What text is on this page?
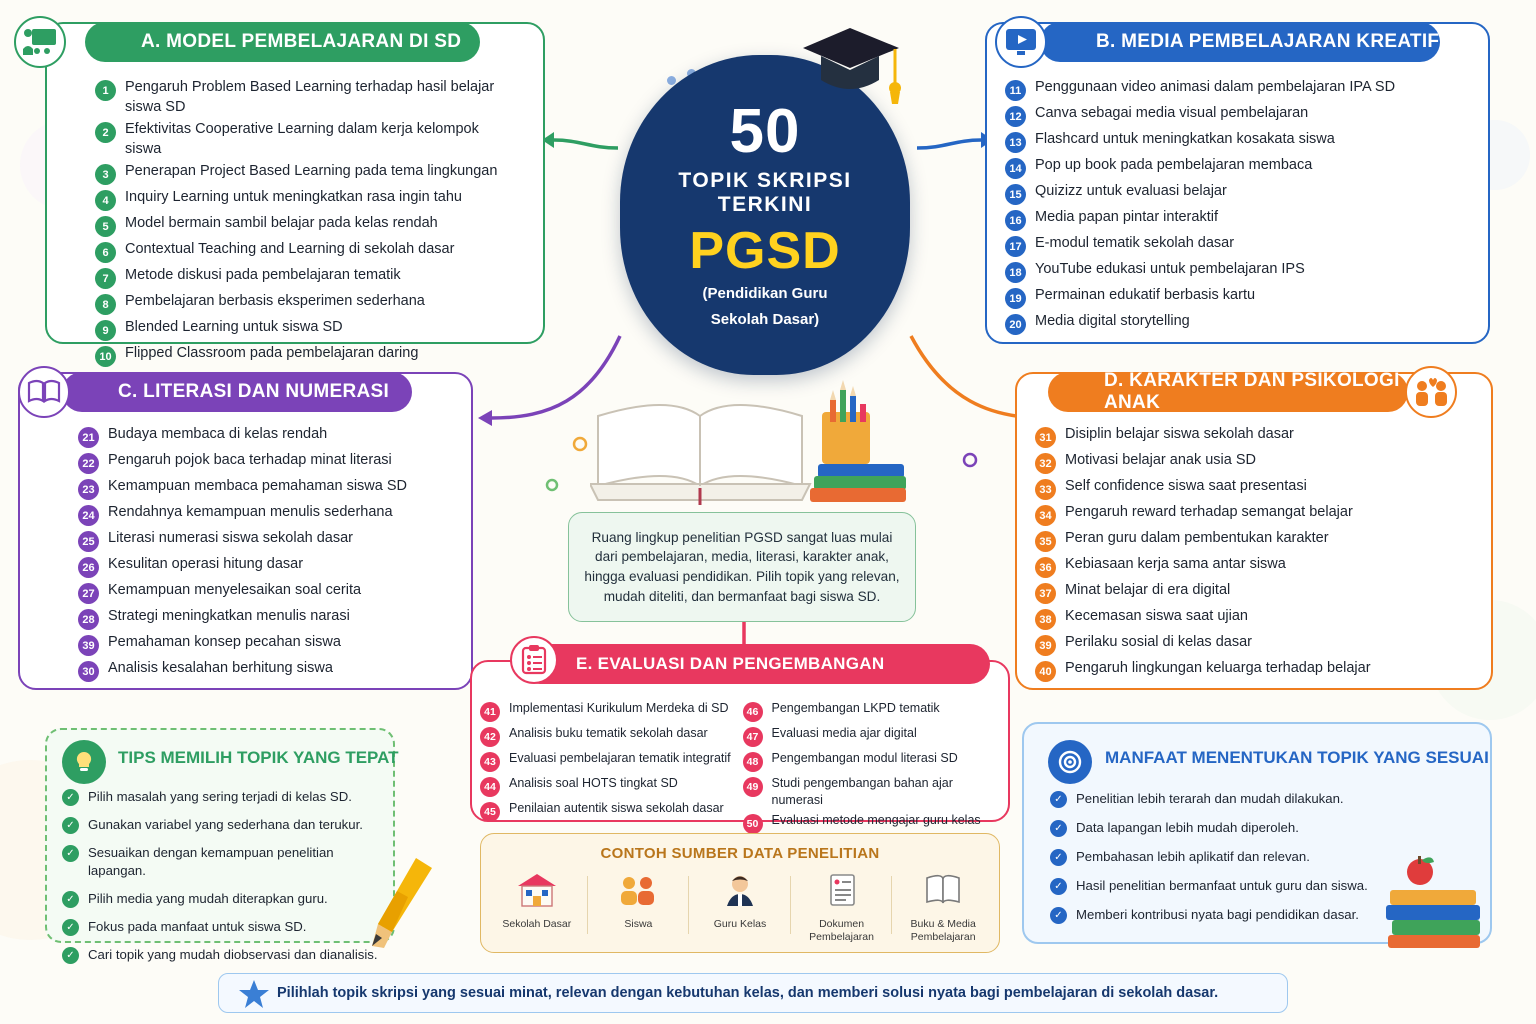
50
TOPIK SKRIPSI
TERKINI
PGSD
(Pendidikan Guru
Sekolah Dasar)
A. MODEL PEMBELAJARAN DI SD
1	Pengaruh Problem Based Learning terhadap hasil belajar siswa SD
2	Efektivitas Cooperative Learning dalam kerja kelompok siswa
3	Penerapan Project Based Learning pada tema lingkungan
4	Inquiry Learning untuk meningkatkan rasa ingin tahu
5	Model bermain sambil belajar pada kelas rendah
6	Contextual Teaching and Learning di sekolah dasar
7	Metode diskusi pada pembelajaran tematik
8	Pembelajaran berbasis eksperimen sederhana
9	Blended Learning untuk siswa SD
10 Flipped Classroom pada pembelajaran daring
B. MEDIA PEMBELAJARAN KREATIF
11 Penggunaan video animasi dalam pembelajaran IPA SD
12 Canva sebagai media visual pembelajaran
13 Flashcard untuk meningkatkan kosakata siswa
14 Pop up book pada pembelajaran membaca
15 Quizizz untuk evaluasi belajar
16 Media papan pintar interaktif
17 E-modul tematik sekolah dasar
18 YouTube edukasi untuk pembelajaran IPS
19 Permainan edukatif berbasis kartu
20 Media digital storytelling
C. LITERASI DAN NUMERASI
21 Budaya membaca di kelas rendah
22 Pengaruh pojok baca terhadap minat literasi
23 Kemampuan membaca pemahaman siswa SD
24 Rendahnya kemampuan menulis sederhana
25 Literasi numerasi siswa sekolah dasar
26 Kesulitan operasi hitung dasar
27 Kemampuan menyelesaikan soal cerita
28 Strategi meningkatkan menulis narasi
39 Pemahaman konsep pecahan siswa
30 Analisis kesalahan berhitung siswa
D. KARAKTER DAN PSIKOLOGI ANAK
31 Disiplin belajar siswa sekolah dasar
32 Motivasi belajar anak usia SD
33 Self confidence siswa saat presentasi
34 Pengaruh reward terhadap semangat belajar
35 Peran guru dalam pembentukan karakter
36 Kebiasaan kerja sama antar siswa
37 Minat belajar di era digital
38 Kecemasan siswa saat ujian
39 Perilaku sosial di kelas dasar
40 Pengaruh lingkungan keluarga terhadap belajar

Ruang lingkup penelitian PGSD sangat luas mulai dari pembelajaran, media, literasi, karakter anak, hingga evaluasi pendidikan. Pilih topik yang relevan, mudah diteliti, dan bermanfaat bagi siswa SD.

E. EVALUASI DAN PENGEMBANGAN
41	Implementasi Kurikulum Merdeka di SD
42	Analisis buku tematik sekolah dasar
43	Evaluasi pembelajaran tematik integratif
44	Analisis soal HOTS tingkat SD
45	Penilaian autentik siswa sekolah dasar
46	Pengembangan LKPD tematik
47	Evaluasi media ajar digital
48	Pengembangan modul literasi SD
49	Studi pengembangan bahan ajar numerasi
50	Evaluasi metode mengajar guru kelas
TIPS MEMILIH TOPIK YANG TEPAT
✓	Pilih masalah yang sering terjadi di kelas SD.
✓	Gunakan variabel yang sederhana dan terukur.
✓	Sesuaikan dengan kemampuan penelitian lapangan.
✓	Pilih media yang mudah diterapkan guru.
✓	Fokus pada manfaat untuk siswa SD.
✓	Cari topik yang mudah diobservasi dan dianalisis.
MANFAAT MENENTUKAN TOPIK YANG SESUAI
✓	Penelitian lebih terarah dan mudah dilakukan.
✓	Data lapangan lebih mudah diperoleh.
✓	Pembahasan lebih aplikatif dan relevan.
✓	Hasil penelitian bermanfaat untuk guru dan siswa.
✓	Memberi kontribusi nyata bagi pendidikan dasar.
CONTOH SUMBER DATA PENELITIAN
Sekolah Dasar	Siswa	Guru Kelas	Dokumen Pembelajaran
Buku & Media Pembelajaran
Pilihlah topik skripsi yang sesuai minat, relevan dengan kebutuhan kelas, dan memberi solusi nyata bagi pembelajaran di sekolah dasar.
